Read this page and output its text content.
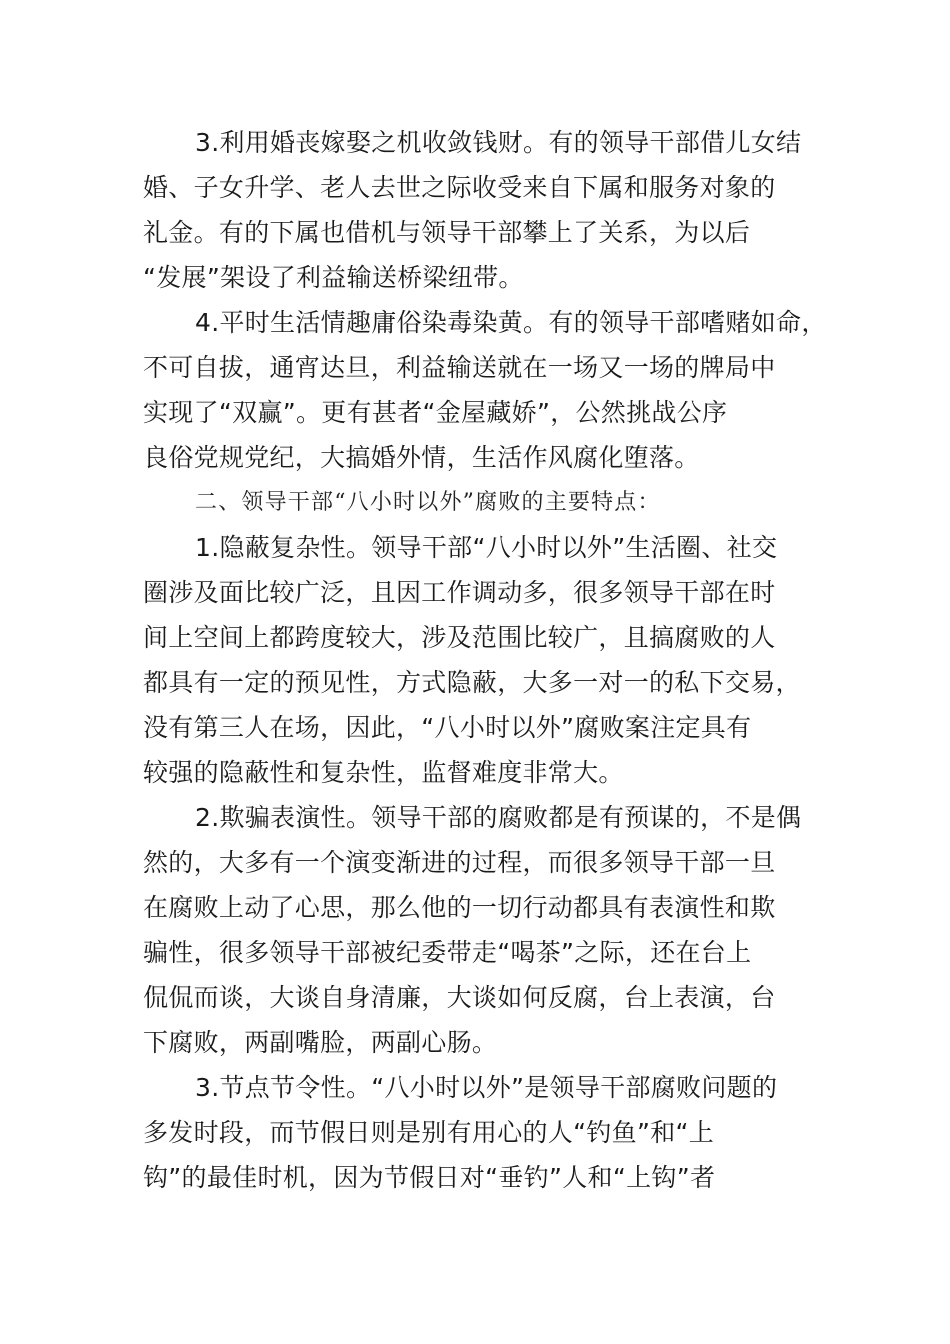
3.利用婚丧嫁娶之机收敛钱财。有的领导干部借儿女结
婚、子女升学、老人去世之际收受来自下属和服务对象的
礼金。有的下属也借机与领导干部攀上了关系，为以后
“发展”架设了利益输送桥梁纽带。
4.平时生活情趣庸俗染毒染黄。有的领导干部嗜赌如命，
不可自拔，通宵达旦，利益输送就在一场又一场的牌局中
实现了“双赢”。更有甚者“金屋藏娇”，公然挑战公序
良俗党规党纪，大搞婚外情，生活作风腐化堕落。
二、领导干部“八小时以外”腐败的主要特点：
1.隐蔽复杂性。领导干部“八小时以外”生活圈、社交
圈涉及面比较广泛，且因工作调动多，很多领导干部在时
间上空间上都跨度较大，涉及范围比较广，且搞腐败的人
都具有一定的预见性，方式隐蔽，大多一对一的私下交易，
没有第三人在场，因此，“八小时以外”腐败案注定具有
较强的隐蔽性和复杂性，监督难度非常大。
2.欺骗表演性。领导干部的腐败都是有预谋的，不是偶
然的，大多有一个演变渐进的过程，而很多领导干部一旦
在腐败上动了心思，那么他的一切行动都具有表演性和欺
骗性，很多领导干部被纪委带走“喝茶”之际，还在台上
侃侃而谈，大谈自身清廉，大谈如何反腐，台上表演，台
下腐败，两副嘴脸，两副心肠。
3.节点节令性。“八小时以外”是领导干部腐败问题的
多发时段，而节假日则是别有用心的人“钓鱼”和“上
钩”的最佳时机，因为节假日对“垂钓”人和“上钩”者
